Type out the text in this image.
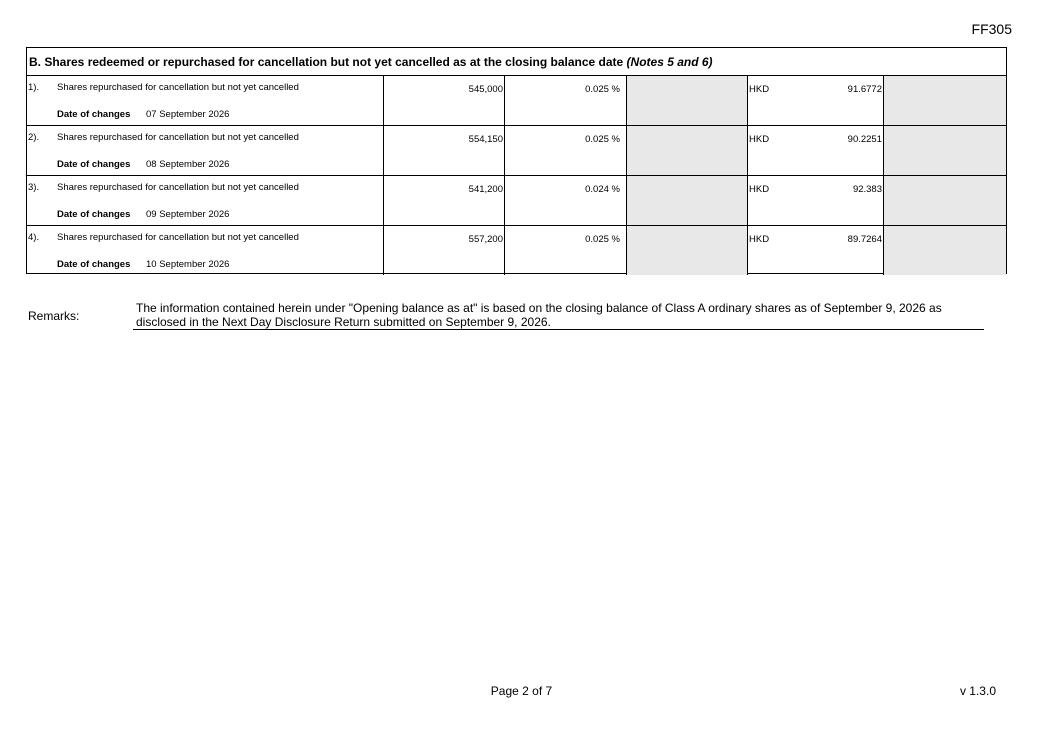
FF305
B. Shares redeemed or repurchased for cancellation but not yet cancelled as at the closing balance date (Notes 5 and 6)
1).	Shares repurchased for cancellation but not yet cancelled
Date of changes 07 September 2026
545,000	0.025 %	HKD	91.6772
2).	Shares repurchased for cancellation but not yet cancelled
Date of changes 08 September 2026
554,150	0.025 %	HKD	90.2251
3).	Shares repurchased for cancellation but not yet cancelled
Date of changes 09 September 2026
541,200	0.024 %	HKD	92.383
4).	Shares repurchased for cancellation but not yet cancelled
Date of changes 10 September 2026
557,200	0.025 %	HKD	89.7264
Remarks:
The information contained herein under "Opening balance as at" is based on the closing balance of Class A ordinary shares as of September 9, 2026 as disclosed in the Next Day Disclosure Return submitted on September 9, 2026.
Page 2 of 7	v 1.3.0
